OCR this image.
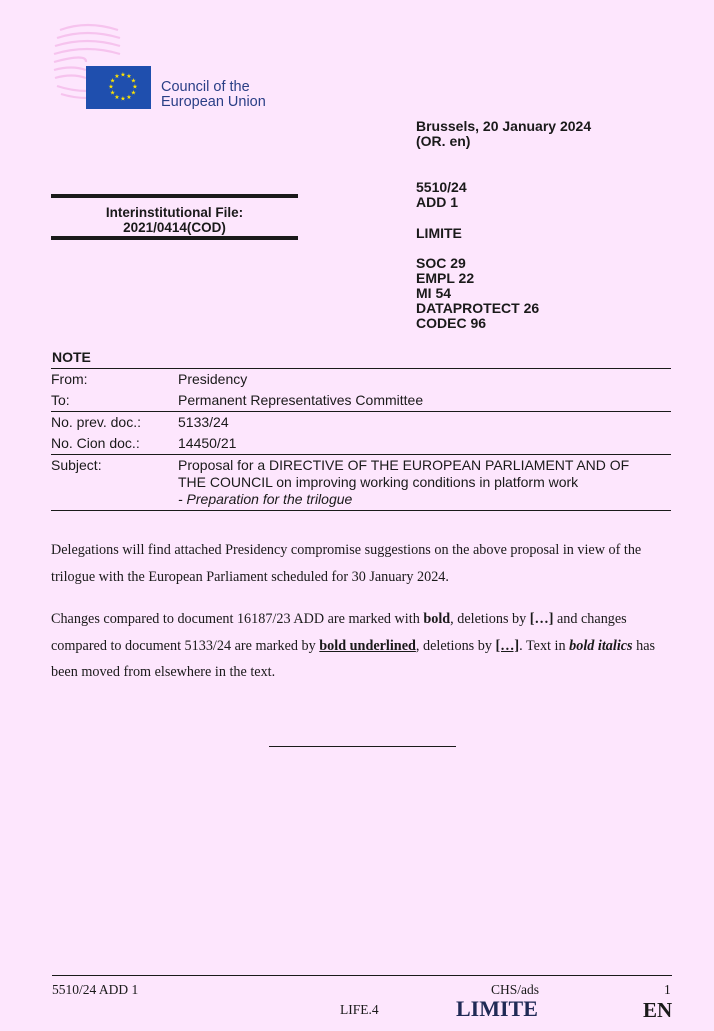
★ ★
★
★
★
★
★
★
★
★
★
★
Council of the
European Union
Brussels, 20 January 2024
(OR. en)
5510/24
ADD 1
LIMITE
SOC 29
EMPL 22
MI 54
DATAPROTECT 26
CODEC 96
Interinstitutional File:
2021/0414(COD)
NOTE
From:	Presidency
To:	Permanent Representatives Committee
No. prev. doc.:	5133/24
No. Cion doc.:	14450/21
Subject:	Proposal for a DIRECTIVE OF THE EUROPEAN PARLIAMENT AND OF
THE COUNCIL on improving working conditions in platform work
- Preparation for the trilogue
Delegations will find attached Presidency compromise suggestions on the above proposal in view of the trilogue with the European Parliament scheduled for 30 January 2024.
Changes compared to document 16187/23 ADD are marked with bold, deletions by […] and changes compared to document 5133/24 are marked by bold underlined, deletions by […]. Text in bold italics has been moved from elsewhere in the text.
5510/24 ADD 1	CHS/ads	1
LIFE.4	LIMITE	EN
